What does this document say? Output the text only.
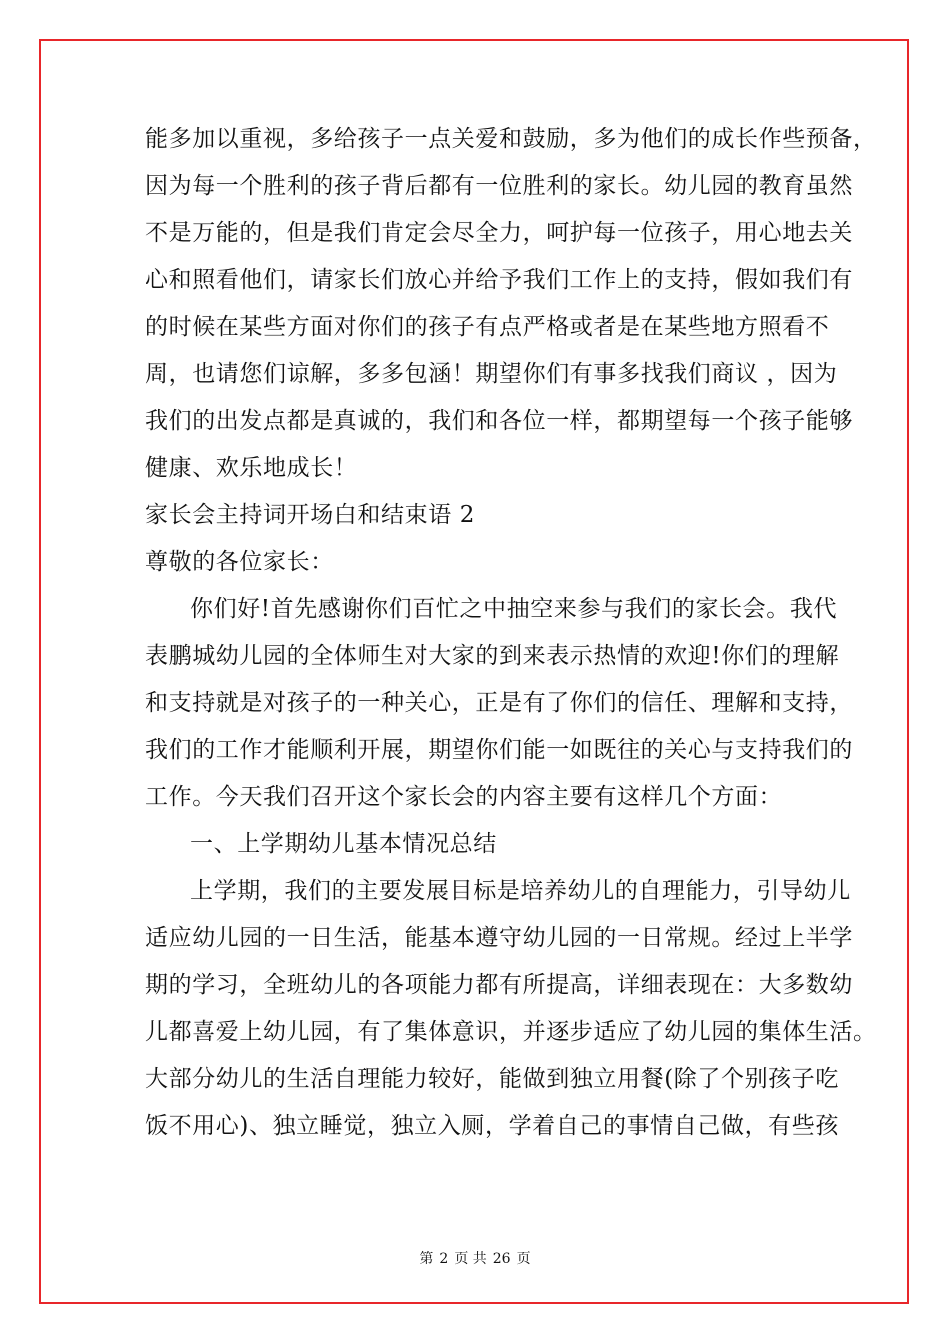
能多加以重视，多给孩子一点关爱和鼓励，多为他们的成长作些预备，
因为每一个胜利的孩子背后都有一位胜利的家长。幼儿园的教育虽然
不是万能的，但是我们肯定会尽全力，呵护每一位孩子，用心地去关
心和照看他们，请家长们放心并给予我们工作上的支持，假如我们有
的时候在某些方面对你们的孩子有点严格或者是在某些地方照看不
周，也请您们谅解，多多包涵！期望你们有事多找我们商议 ，因为
我们的出发点都是真诚的，我们和各位一样，都期望每一个孩子能够
健康、欢乐地成长！
家长会主持词开场白和结束语 2
尊敬的各位家长：
你们好!首先感谢你们百忙之中抽空来参与我们的家长会。我代
表鹏城幼儿园的全体师生对大家的到来表示热情的欢迎!你们的理解
和支持就是对孩子的一种关心，正是有了你们的信任、理解和支持，
我们的工作才能顺利开展，期望你们能一如既往的关心与支持我们的
工作。今天我们召开这个家长会的内容主要有这样几个方面：
一、上学期幼儿基本情况总结
上学期，我们的主要发展目标是培养幼儿的自理能力，引导幼儿
适应幼儿园的一日生活，能基本遵守幼儿园的一日常规。经过上半学
期的学习，全班幼儿的各项能力都有所提高，详细表现在：大多数幼
儿都喜爱上幼儿园，有了集体意识，并逐步适应了幼儿园的集体生活。
大部分幼儿的生活自理能力较好，能做到独立用餐(除了个别孩子吃
饭不用心)、独立睡觉，独立入厕，学着自己的事情自己做，有些孩
第 2 页 共 26 页
